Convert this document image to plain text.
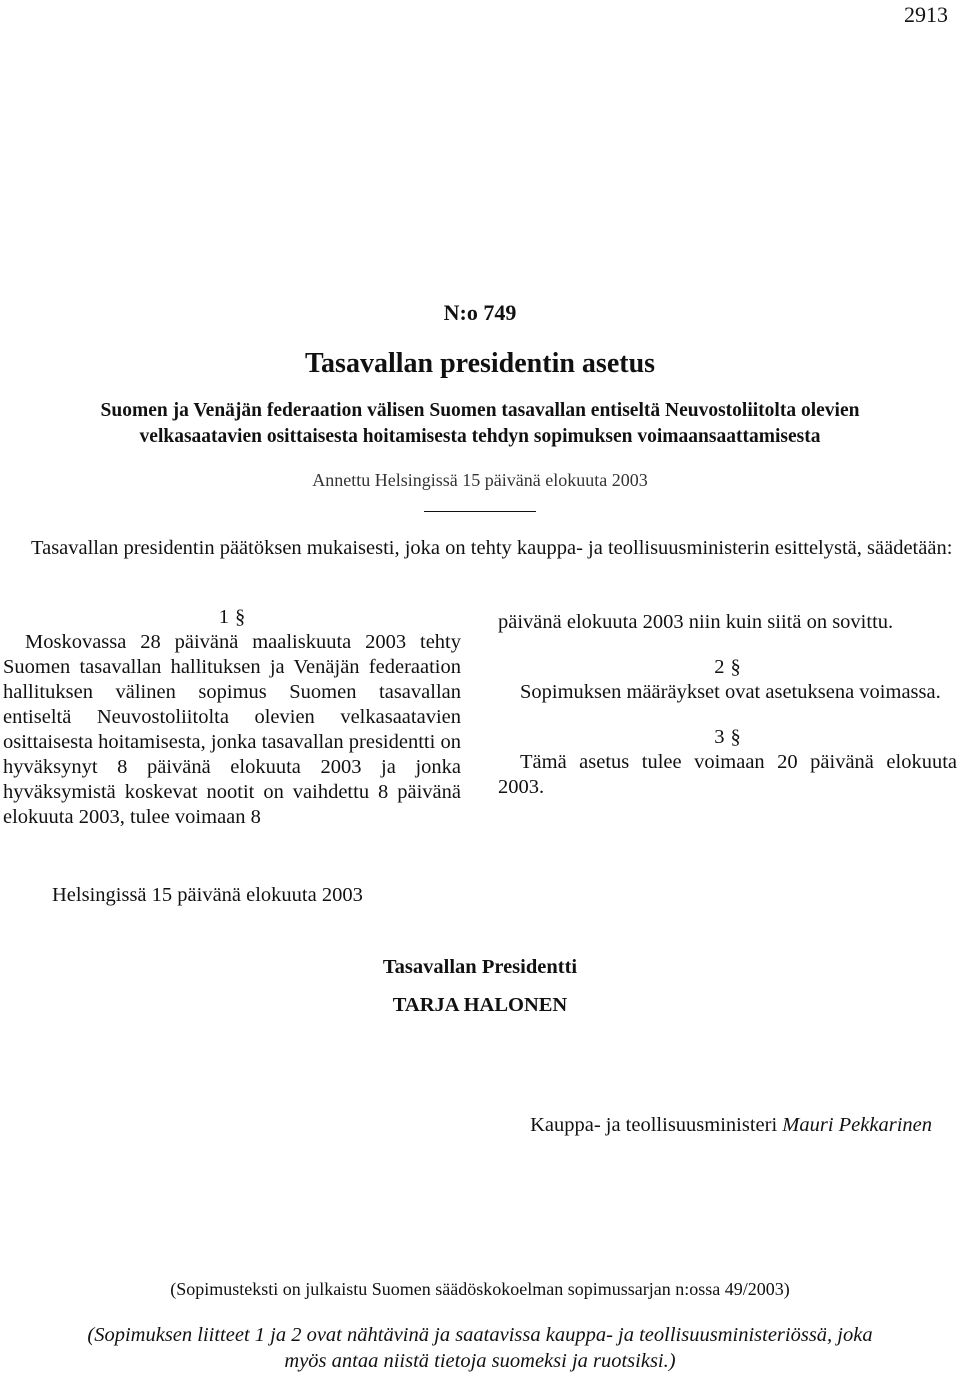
2913
N:o 749
Tasavallan presidentin asetus
Suomen ja Venäjän federaation välisen Suomen tasavallan entiseltä Neuvostoliitolta olevien
velkasaatavien osittaisesta hoitamisesta tehdyn sopimuksen voimaansaattamisesta
Annettu Helsingissä 15 päivänä elokuuta 2003
Tasavallan presidentin päätöksen mukaisesti, joka on tehty kauppa- ja teollisuusministerin esittelystä, säädetään:
1 §
Moskovassa 28 päivänä maaliskuuta 2003 tehty Suomen tasavallan hallituksen ja Venäjän federaation hallituksen välinen sopimus Suomen tasavallan entiseltä Neuvostoliitolta olevien velkasaatavien osittaisesta hoitamisesta, jonka tasavallan presidentti on hyväksynyt 8 päivänä elokuuta 2003 ja jonka hyväksymistä koskevat nootit on vaihdettu 8 päivänä elokuuta 2003, tulee voimaan 8
päivänä elokuuta 2003 niin kuin siitä on sovittu.
2 §
Sopimuksen määräykset ovat asetuksena voimassa.
3 §
Tämä asetus tulee voimaan 20 päivänä elokuuta 2003.
Helsingissä 15 päivänä elokuuta 2003
Tasavallan Presidentti
TARJA HALONEN
Kauppa- ja teollisuusministeri Mauri Pekkarinen
(Sopimusteksti on julkaistu Suomen säädöskokoelman sopimussarjan n:ossa 49/2003)
(Sopimuksen liitteet 1 ja 2 ovat nähtävinä ja saatavissa kauppa- ja teollisuusministeriössä, joka
myös antaa niistä tietoja suomeksi ja ruotsiksi.)
